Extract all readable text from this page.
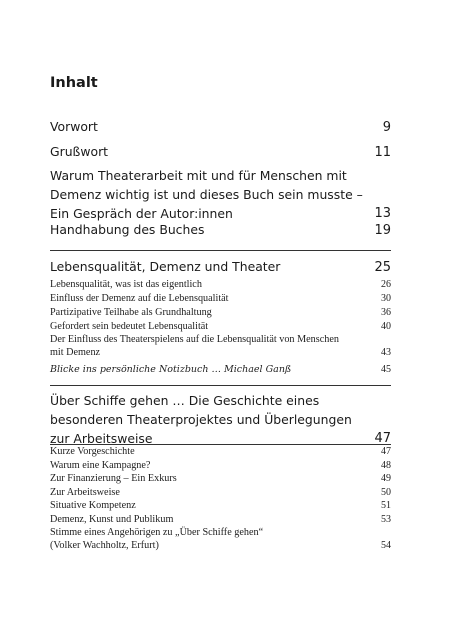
Inhalt
Vorwort	9
Grußwort	11
Warum Theaterarbeit mit und für Menschen mit
Demenz wichtig ist und dieses Buch sein musste –
Ein Gespräch der Autor:innen	13
Handhabung des Buches	19
Lebensqualität, Demenz und Theater	25
Lebensqualität, was ist das eigentlich	26
Einfluss der Demenz auf die Lebensqualität	30
Partizipative Teilhabe als Grundhaltung	36
Gefordert sein bedeutet Lebensqualität	40
Der Einfluss des Theaterspielens auf die Lebensqualität von Menschen
mit Demenz	43
Blicke ins persönliche Notizbuch … Michael Ganß	45
Über Schiffe gehen … Die Geschichte eines
besonderen Theaterprojektes und Überlegungen
zur Arbeitsweise	47
Kurze Vorgeschichte	47
Warum eine Kampagne?	48
Zur Finanzierung – Ein Exkurs	49
Zur Arbeitsweise	50
Situative Kompetenz	51
Demenz, Kunst und Publikum	53
Stimme eines Angehörigen zu „Über Schiffe gehen“
(Volker Wachholtz, Erfurt)	54
